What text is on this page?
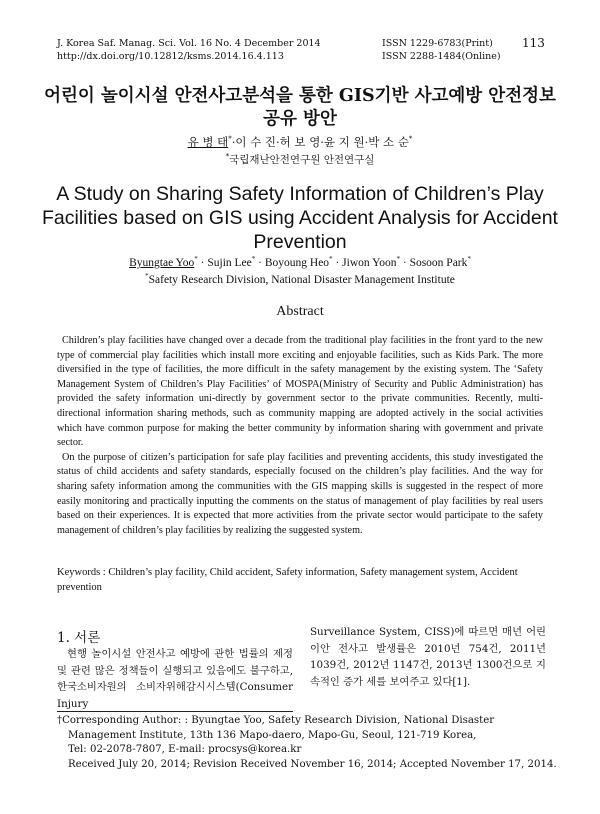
J. Korea Saf. Manag. Sci. Vol. 16 No. 4 December 2014
http://dx.doi.org/10.12812/ksms.2014.16.4.113
ISSN 1229-6783(Print)
ISSN 2288-1484(Online)
113
어린이 놀이시설 안전사고분석을 통한 GIS기반 사고예방 안전정보
공유 방안
유 병 태*·이 수 진·허 보 영·윤 지 원·박 소 순*
*국립재난안전연구원 안전연구실
A Study on Sharing Safety Information of Children’s Play
Facilities based on GIS using Accident Analysis for Accident
Prevention
Byungtae Yoo* · Sujin Lee* · Boyoung Heo* · Jiwon Yoon* · Sosoon Park*
*Safety Research Division, National Disaster Management Institute
Abstract

Children’s play facilities have changed over a decade from the traditional play facilities in the front yard to the new type of commercial play facilities which install more exciting and enjoyable facilities, such as Kids Park. The more diversified in the type of facilities, the more difficult in the safety management by the existing system. The ‘Safety Management System of Children’s Play Facilities’ of MOSPA(Ministry of Security and Public Administration) has provided the safety information uni-directly by government sector to the private communities. Recently, multi-directional information sharing methods, such as community mapping are adopted actively in the social activities which have common purpose for making the better community by information sharing with government and private sector.

On the purpose of citizen’s participation for safe play facilities and preventing accidents, this study investigated the status of child accidents and safety standards, especially focused on the children’s play facilities. And the way for sharing safety information among the communities with the GIS mapping skills is suggested in the respect of more easily monitoring and practically inputting the comments on the status of management of play facilities by real users based on their experiences. It is expected that more activities from the private sector would participate to the safety management of children’s play facilities by realizing the suggested system.

Keywords : Children’s play facility, Child accident, Safety information, Safety management system, Accident prevention
1. 서론

현행 놀이시설 안전사고 예방에 관한 법률의 제정 및 관련 많은 정책들이 실행되고 있음에도 불구하고, 한국소비자원의 소비자위해감시시스템(Consumer Injury

Surveillance System, CISS)에 따르면 매년 어린이안 전사고 발생률은 2010년 754건, 2011년 1039건, 2012년 1147건, 2013년 1300건으로 지속적인 증가 세를 보여주고 있다[1].

†Corresponding Author: : Byungtae Yoo, Safety Research Division, National Disaster
Management Institute, 13th 136 Mapo-daero, Mapo-Gu, Seoul, 121-719 Korea,
Tel: 02-2078-7807, E-mail: procsys@korea.kr
Received July 20, 2014; Revision Received November 16, 2014; Accepted November 17, 2014.
